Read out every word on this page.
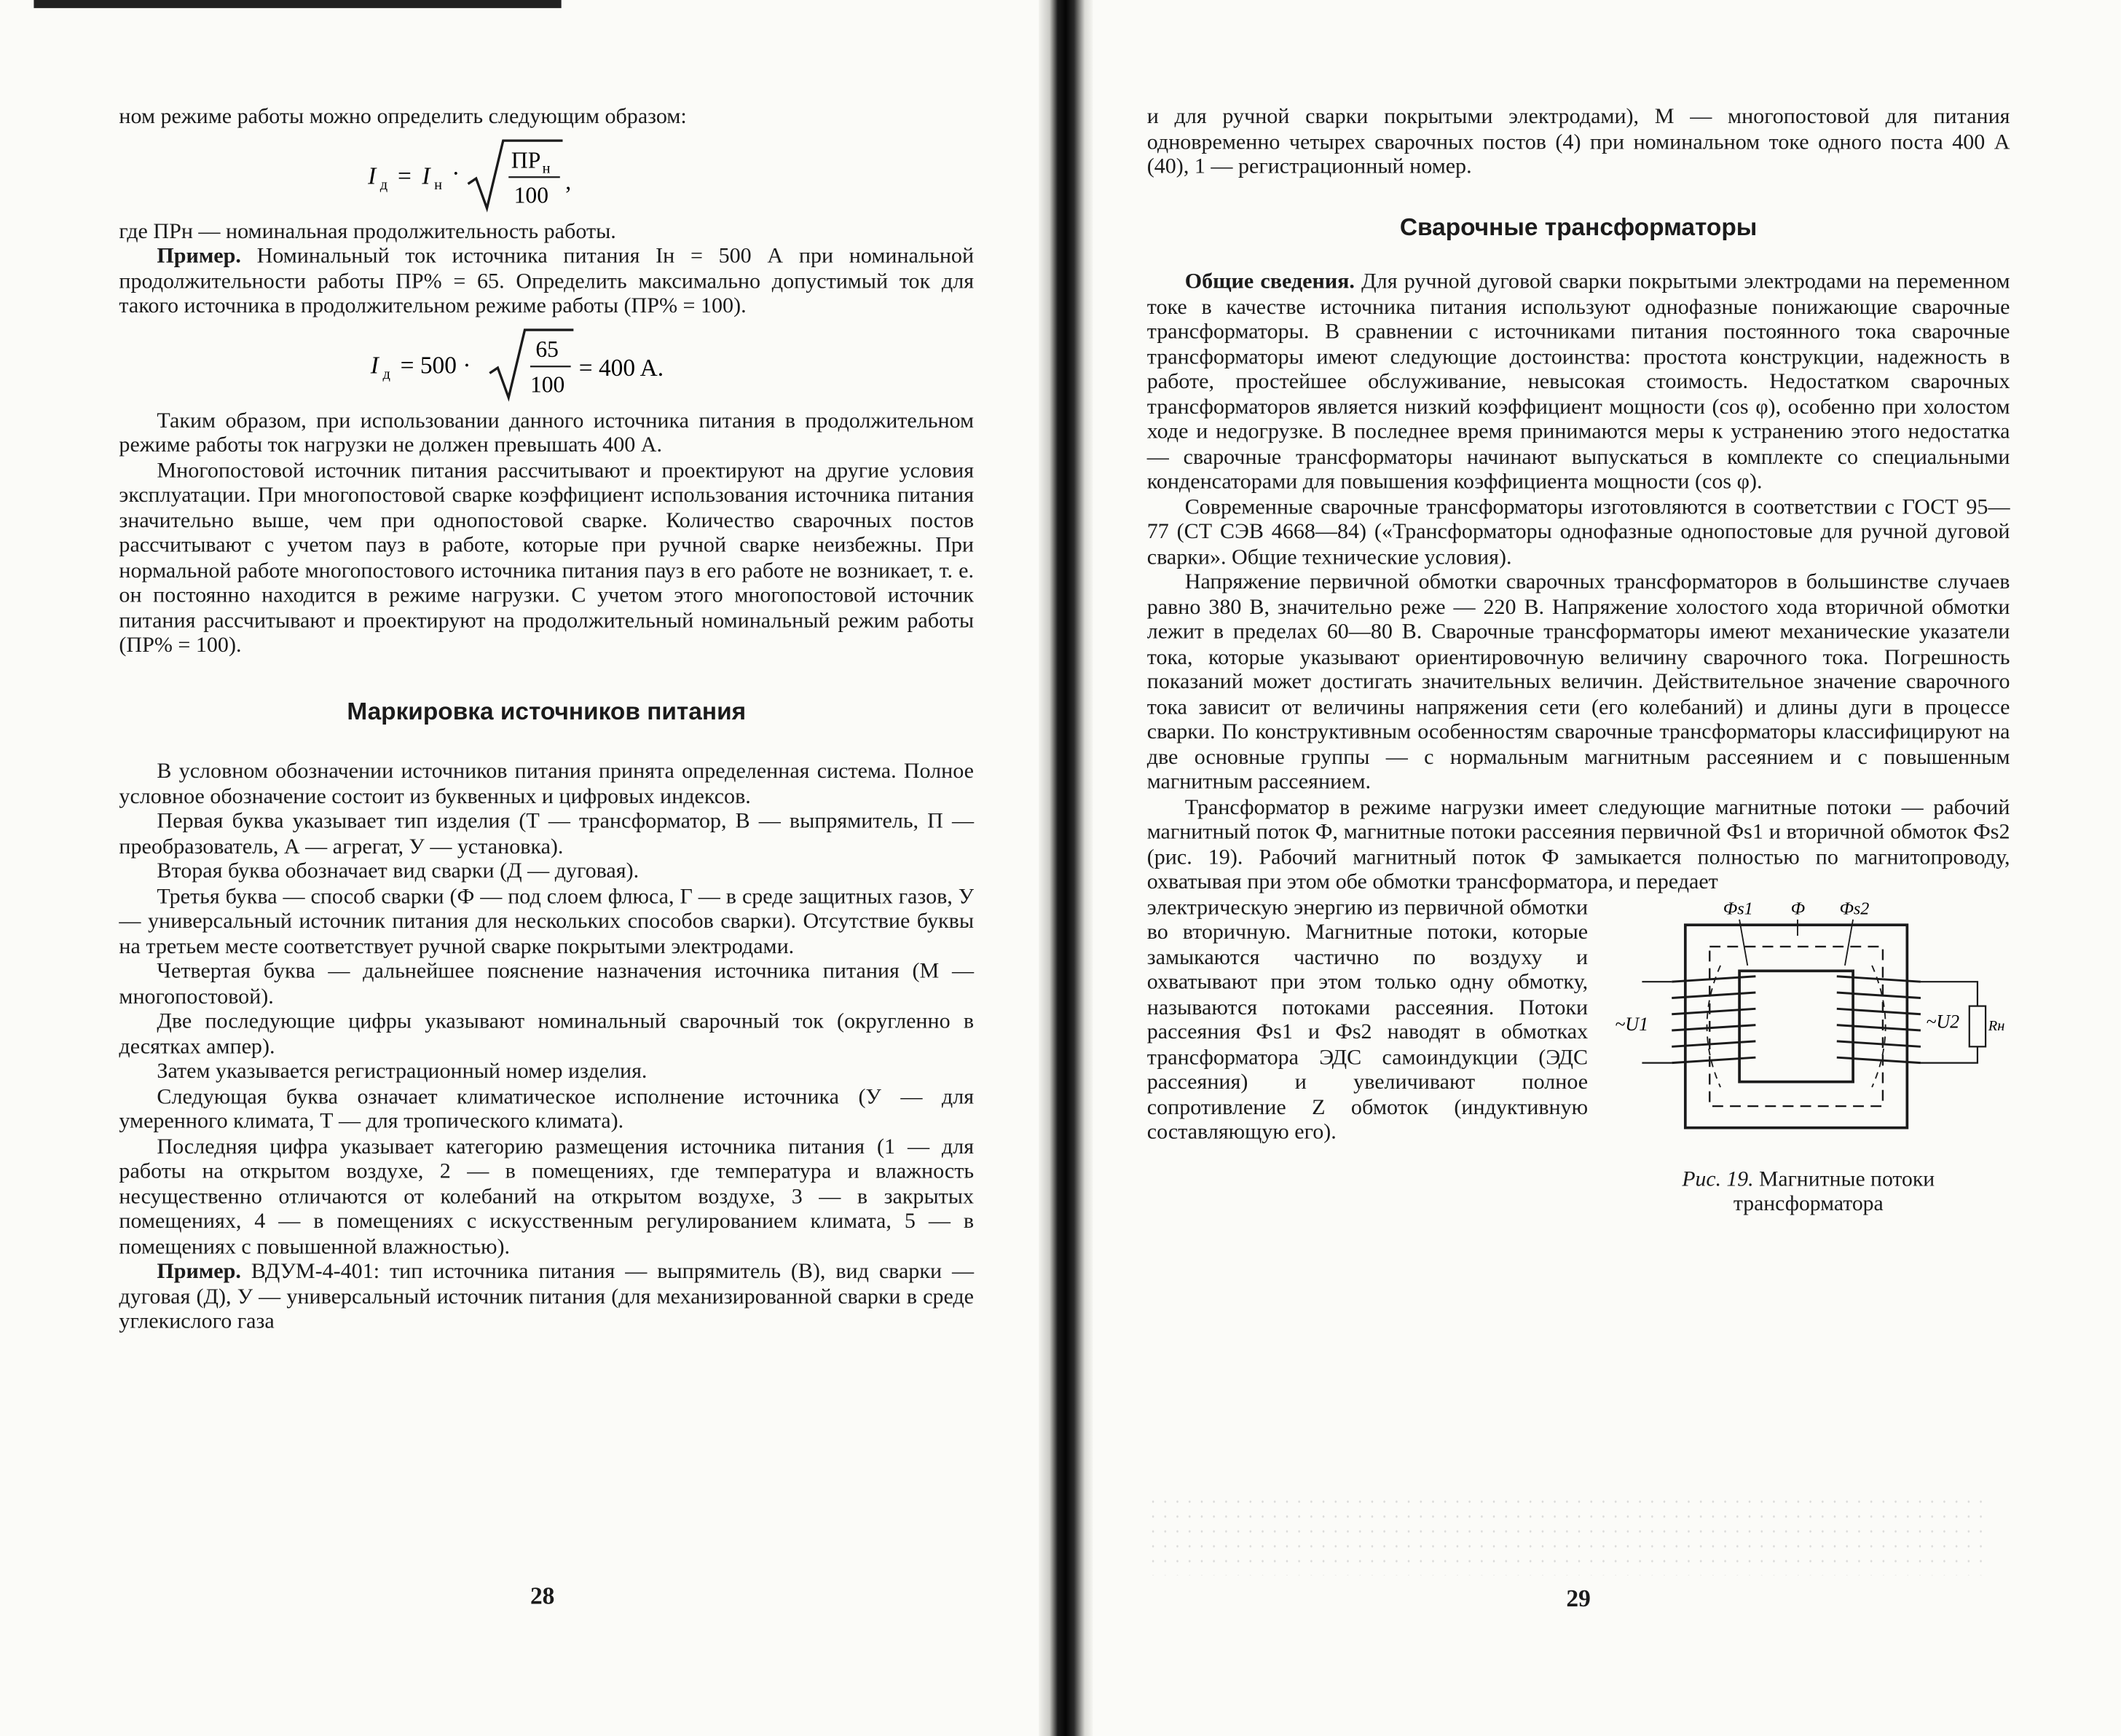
ном режиме работы можно определить следующим образом:

I д = I н ·
ПР н
100
,

где ПРн — номинальная продолжительность работы.

Пример. Номинальный ток источника питания Iн = 500 А при номинальной продолжительности работы ПР% = 65. Определить максимально допустимый ток для такого источника в продолжительном режиме работы (ПР% = 100).

I д = 500 ·
65
100
= 400 A.

Таким образом, при использовании данного источника питания в продолжительном режиме работы ток нагрузки не должен превышать 400 А.

Многопостовой источник питания рассчитывают и проектируют на другие условия эксплуатации. При многопостовой сварке коэффициент использования источника питания значительно выше, чем при однопостовой сварке. Количество сварочных постов рассчитывают с учетом пауз в работе, которые при ручной сварке неизбежны. При нормальной работе многопостового источника питания пауз в его работе не возникает, т. е. он постоянно находится в режиме нагрузки. С учетом этого многопостовой источник питания рассчитывают и проектируют на продолжительный номинальный режим работы (ПР% = 100).

Маркировка источников питания

В условном обозначении источников питания принята определенная система. Полное условное обозначение состоит из буквенных и цифровых индексов.

Первая буква указывает тип изделия (Т — трансформатор, В — выпрямитель, П — преобразователь, А — агрегат, У — установка).

Вторая буква обозначает вид сварки (Д — дуговая).

Третья буква — способ сварки (Ф — под слоем флюса, Г — в среде защитных газов, У — универсальный источник питания для нескольких способов сварки). Отсутствие буквы на третьем месте соответствует ручной сварке покрытыми электродами.

Четвертая буква — дальнейшее пояснение назначения источника питания (М — многопостовой).

Две последующие цифры указывают номинальный сварочный ток (округленно в десятках ампер).

Затем указывается регистрационный номер изделия.

Следующая буква означает климатическое исполнение источника (У — для умеренного климата, Т — для тропического климата).

Последняя цифра указывает категорию размещения источника питания (1 — для работы на открытом воздухе, 2 — в помещениях, где температура и влажность несущественно отличаются от колебаний на открытом воздухе, 3 — в закрытых помещениях, 4 — в помещениях с искусственным регулированием климата, 5 — в помещениях с повышенной влажностью).

Пример. ВДУМ-4-401: тип источника питания — выпрямитель (В), вид сварки — дуговая (Д), У — универсальный источник питания (для механизированной сварки в среде углекислого газа

28

и для ручной сварки покрытыми электродами), М — многопостовой для питания одновременно четырех сварочных постов (4) при номинальном токе одного поста 400 А (40), 1 — регистрационный номер.

Сварочные трансформаторы

Общие сведения. Для ручной дуговой сварки покрытыми электродами на переменном токе в качестве источника питания используют однофазные понижающие сварочные трансформаторы. В сравнении с источниками питания постоянного тока сварочные трансформаторы имеют следующие достоинства: простота конструкции, надежность в работе, простейшее обслуживание, невысокая стоимость. Недостатком сварочных трансформаторов является низкий коэффициент мощности (cos φ), особенно при холостом ходе и недогрузке. В последнее время принимаются меры к устранению этого недостатка — сварочные трансформаторы начинают выпускаться в комплекте со специальными конденсаторами для повышения коэффициента мощности (cos φ).

Современные сварочные трансформаторы изготовляются в соответствии с ГОСТ 95—77 (СТ СЭВ 4668—84) («Трансформаторы однофазные однопостовые для ручной дуговой сварки». Общие технические условия).

Напряжение первичной обмотки сварочных трансформаторов в большинстве случаев равно 380 В, значительно реже — 220 В. Напряжение холостого хода вторичной обмотки лежит в пределах 60—80 В. Сварочные трансформаторы имеют механические указатели тока, которые указывают ориентировочную величину сварочного тока. Погрешность показаний может достигать значительных величин. Действительное значение сварочного тока зависит от величины напряжения сети (его колебаний) и длины дуги в процессе сварки. По конструктивным особенностям сварочные трансформаторы классифицируют на две основные группы — с нормальным магнитным рассеянием и с повышенным магнитным рассеянием.

Трансформатор в режиме нагрузки имеет следующие магнитные потоки — рабочий магнитный поток Ф, магнитные потоки рассеяния первичной Фs1 и вторичной обмоток Фs2 (рис. 19). Рабочий магнитный поток Ф замыкается полностью по магнитопроводу, охватывая при этом обе обмотки трансформатора, и передает

Фs1	Ф	Фs2
~U1	Rн
~U2
Рис. 19. Магнитные потоки трансформатора

электрическую энергию из первичной обмотки во вторичную. Магнитные потоки, которые замыкаются частично по воздуху и охватывают при этом только одну обмотку, называются потоками рассеяния. Потоки рассеяния Фs1 и Фs2 наводят в обмотках трансформатора ЭДС самоиндукции (ЭДС рассеяния) и увеличивают полное сопротивление Z обмоток (индуктивную составляющую его).

29
